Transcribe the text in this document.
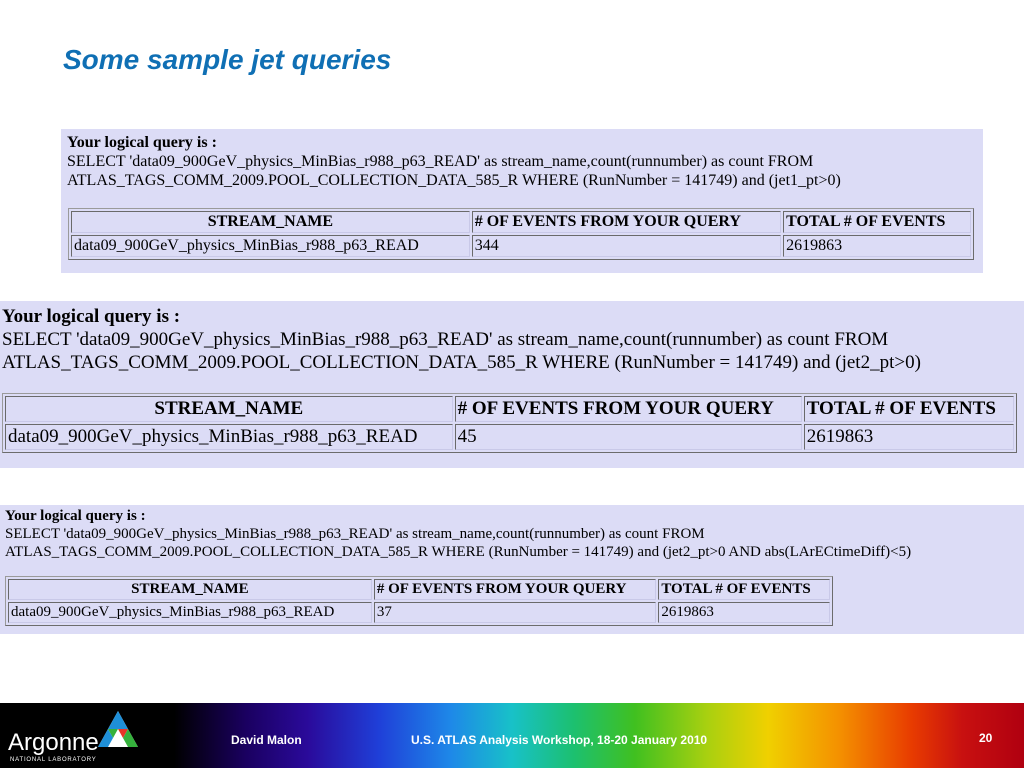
Some sample jet queries
Your logical query is :
SELECT 'data09_900GeV_physics_MinBias_r988_p63_READ' as stream_name,count(runnumber) as count FROM
ATLAS_TAGS_COMM_2009.POOL_COLLECTION_DATA_585_R WHERE (RunNumber = 141749) and (jet1_pt>0)
STREAM_NAME	# OF EVENTS FROM YOUR QUERY	TOTAL # OF EVENTS
data09_900GeV_physics_MinBias_r988_p63_READ	344	2619863
Your logical query is :
SELECT 'data09_900GeV_physics_MinBias_r988_p63_READ' as stream_name,count(runnumber) as count FROM
ATLAS_TAGS_COMM_2009.POOL_COLLECTION_DATA_585_R WHERE (RunNumber = 141749) and (jet2_pt>0)
STREAM_NAME	# OF EVENTS FROM YOUR QUERY	TOTAL # OF EVENTS
data09_900GeV_physics_MinBias_r988_p63_READ	45	2619863
Your logical query is :
SELECT 'data09_900GeV_physics_MinBias_r988_p63_READ' as stream_name,count(runnumber) as count FROM
ATLAS_TAGS_COMM_2009.POOL_COLLECTION_DATA_585_R WHERE (RunNumber = 141749) and (jet2_pt>0 AND abs(LArECtimeDiff)<5)
STREAM_NAME	# OF EVENTS FROM YOUR QUERY	TOTAL # OF EVENTS
data09_900GeV_physics_MinBias_r988_p63_READ	37	2619863
Argonne
NATIONAL LABORATORY
David Malon	U.S. ATLAS Analysis Workshop, 18-20 January 2010	20
